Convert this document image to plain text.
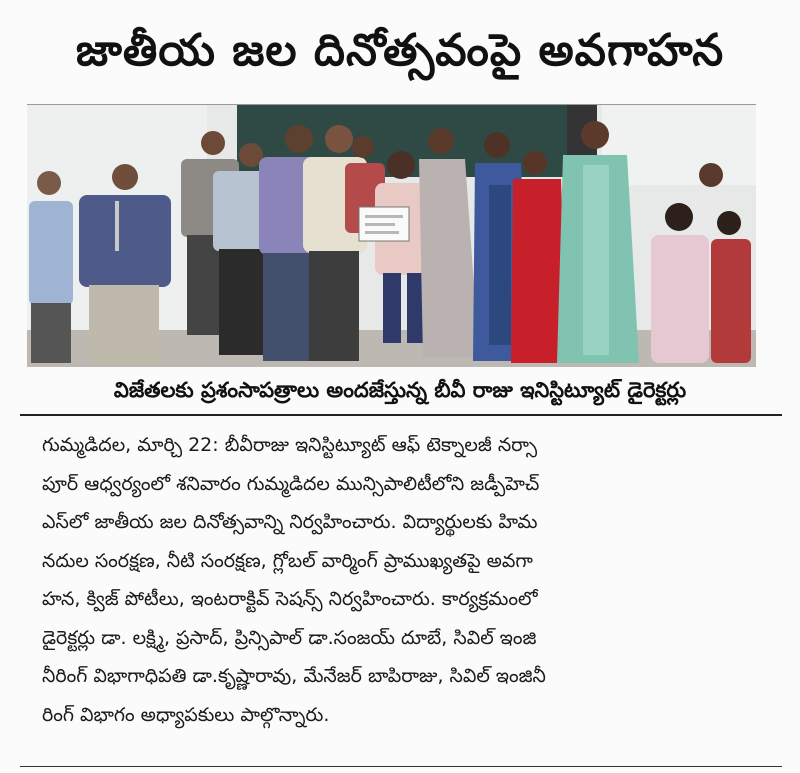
జాతీయ జల దినోత్సవంపై అవగాహన
విజేతలకు ప్రశంసాపత్రాలు అందజేస్తున్న బీవీ రాజు ఇనిస్టిట్యూట్ డైరెక్టర్లు
గుమ్మడిదల, మార్చి 22: బీవీరాజు ఇనిస్టిట్యూట్ ఆఫ్ టెక్నాలజీ నర్సా
పూర్ ఆధ్వర్యంలో శనివారం గుమ్మడిదల మున్సిపాలిటీలోని జడ్పీహెచ్
ఎస్‌లో జాతీయ జల దినోత్సవాన్ని నిర్వహించారు. విద్యార్థులకు హిమ
నదుల సంరక్షణ, నీటి సంరక్షణ, గ్లోబల్ వార్మింగ్ ప్రాముఖ్యతపై అవగా
హన, క్విజ్ పోటీలు, ఇంటరాక్టివ్ సెషన్స్ నిర్వహించారు. కార్యక్రమంలో
డైరెక్టర్లు డా. లక్ష్మి, ప్రసాద్, ప్రిన్సిపాల్ డా.సంజయ్ దూబే, సివిల్ ఇంజి
నీరింగ్ విభాగాధిపతి డా.కృష్ణారావు, మేనేజర్ బాపిరాజు, సివిల్ ఇంజినీ
రింగ్ విభాగం అధ్యాపకులు పాల్గొన్నారు.
